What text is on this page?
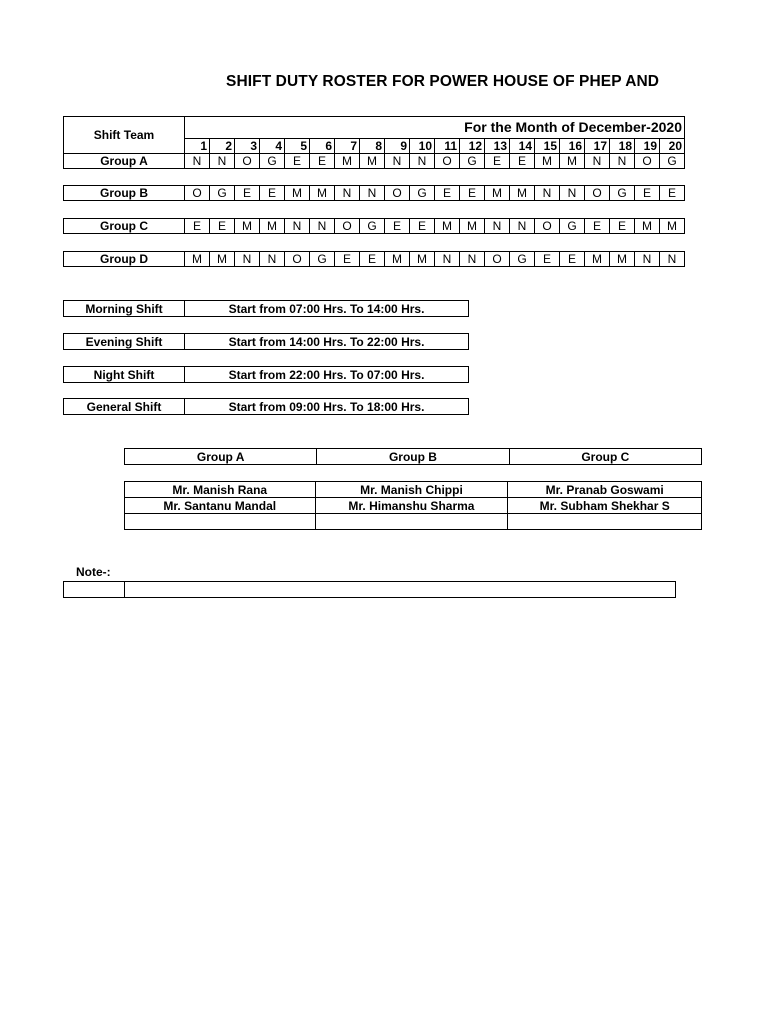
SHIFT DUTY ROSTER FOR POWER HOUSE OF PHEP AND
Shift Team	For the Month of December-2020																			
	1	2	3	4	5	6	7	8	9	10	11	12	13	14	15	16	17	18	19	20
Group A	N	N	O	G	E	E	M	M	N	N	O	G	E	E	M	M	N	N	O	G
Group B	O	G	E	E	M	M	N	N	O	G	E	E	M	M	N	N	O	G	E	E
Group C	E	E	M	M	N	N	O	G	E	E	M	M	N	N	O	G	E	E	M	M
Group D	M	M	N	N	O	G	E	E	M	M	N	N	O	G	E	E	M	M	N	N
Morning Shift	Start from 07:00 Hrs. To 14:00 Hrs.
Evening Shift	Start from 14:00 Hrs. To 22:00 Hrs.
Night Shift	Start from 22:00 Hrs. To 07:00 Hrs.
General Shift	Start from 09:00 Hrs. To 18:00 Hrs.
Group A	Group B	Group C
Mr. Manish Rana	Mr. Manish Chippi	Mr. Pranab Goswami
Mr. Santanu Mandal	Mr. Himanshu Sharma	Mr. Subham Shekhar S

Note-:
